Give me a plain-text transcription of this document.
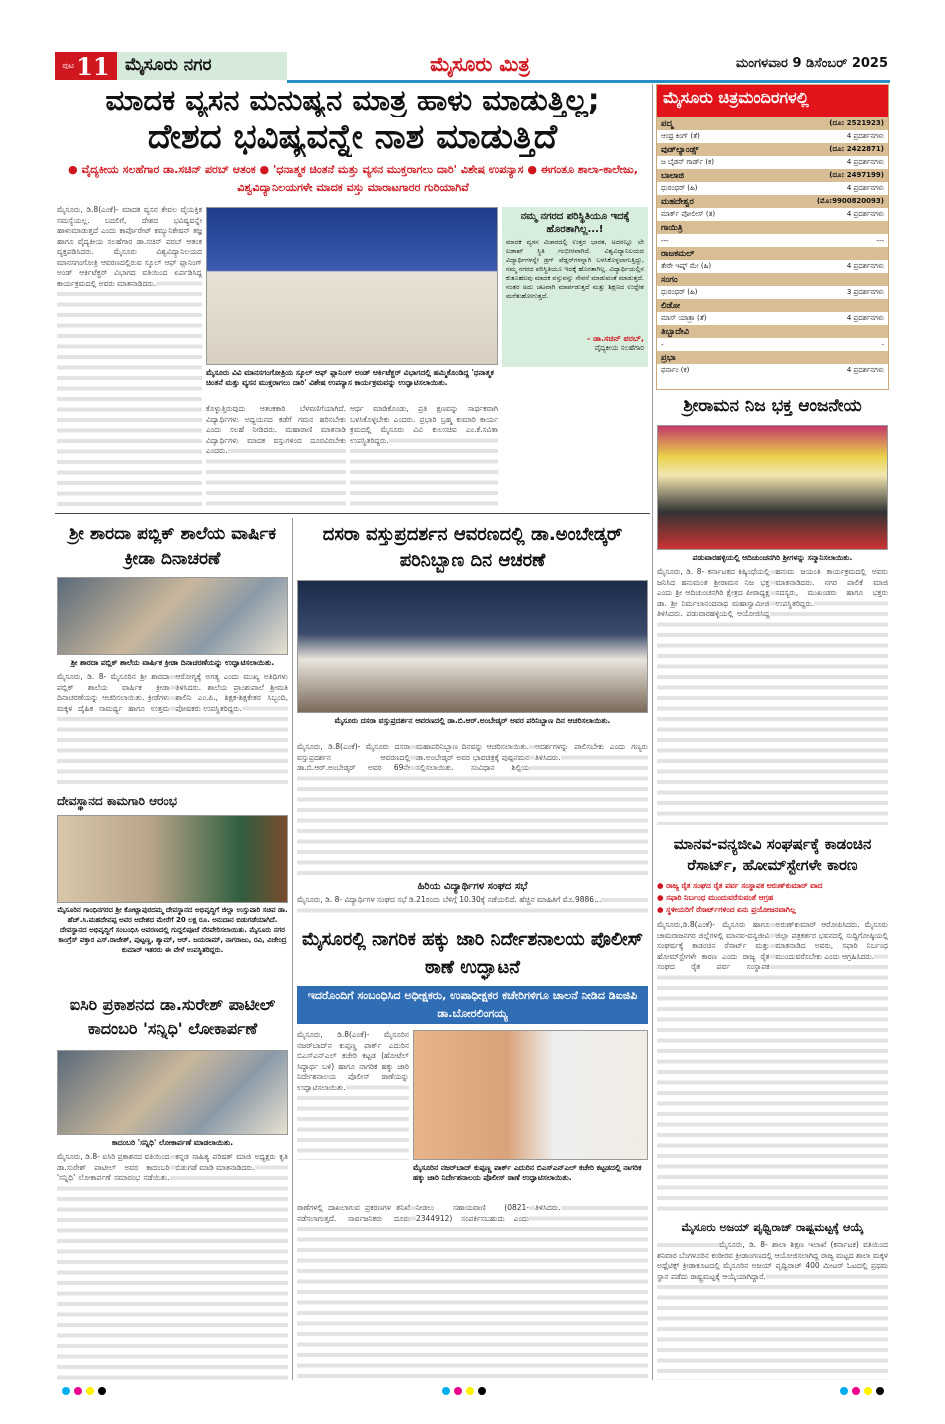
ಪುಟ 11 ಮೈಸೂರು ನಗರ	ಮೈಸೂರು ಮಿತ್ರ	ಮಂಗಳವಾರ 9 ಡಿಸೆಂಬರ್ 2025
ಮಾದಕ ವ್ಯಸನ ಮನುಷ್ಯನ ಮಾತ್ರ ಹಾಳು ಮಾಡುತ್ತಿಲ್ಲ;
ದೇಶದ ಭವಿಷ್ಯವನ್ನೇ ನಾಶ ಮಾಡುತ್ತಿದೆ
● ವೈದ್ಯಕೀಯ ಸಲಹೆಗಾರ ಡಾ.ಸಚಿನ್ ಪರಬ್ ಆತಂಕ ● 'ಧನಾತ್ಮಕ ಚಿಂತನೆ ಮತ್ತು ವ್ಯಸನ ಮುಕ್ತರಾಗಲು ದಾರಿ' ವಿಶೇಷ ಉಪನ್ಯಾಸ ● ಈಗಂತೂ ಶಾಲಾ-ಕಾಲೇಜು, ವಿಶ್ವವಿದ್ಯಾನಿಲಯಗಳೇ ಮಾದಕ ವಸ್ತು ಮಾರಾಟಗಾರರ ಗುರಿಯಾಗಿವೆ
ಮೈಸೂರು, ಡಿ.8(ಎಂಕೆ)- ಮಾದಕ ವ್ಯಸನ ಕೇವಲ ವೈಯಕ್ತಿಕ ಸಮಸ್ಯೆಯಲ್ಲ. ಬದಲಿಗೆ, ದೇಶದ ಭವಿಷ್ಯವನ್ನೇ ಹಾಳುಮಾಡುತ್ತದೆ ಎಂದು ಕಾರ್ಪೊರೇಟ್ ಕಮ್ಯುನಿಕೇಷನ್ ತಜ್ಞ ಹಾಗೂ ವೈದ್ಯಕೀಯ ಸಲಹೆಗಾರ ಡಾ.ಸಚಿನ್ ಪರಬ್ ಆತಂಕ ವ್ಯಕ್ತಪಡಿಸಿದರು. ಮೈಸೂರು ವಿಶ್ವವಿದ್ಯಾನಿಲಯದ ಮಾನಸಗಂಗೋತ್ರಿ ಆವರಣದಲ್ಲಿರುವ ಸ್ಕೂಲ್ ಆಫ್ ಪ್ಲಾನಿಂಗ್ ಅಂಡ್ ಆರ್ಕಿಟೆಕ್ಚರ್ ವಿಭಾಗದ ವತಿಯಿಂದ ಏರ್ಪಡಿಸಿದ್ದ ಕಾರ್ಯಕ್ರಮದಲ್ಲಿ ಅವರು ಮಾತನಾಡಿದರು.
ಮೈಸೂರು ವಿವಿ ಮಾನಸಗಂಗೋತ್ರಿಯ ಸ್ಕೂಲ್ ಆಫ್ ಪ್ಲಾನಿಂಗ್ ಅಂಡ್ ಆರ್ಕಿಟೆಕ್ಚರ್ ವಿಭಾಗದಲ್ಲಿ ಹಮ್ಮಿಕೊಂಡಿದ್ದ 'ಧನಾತ್ಮಕ ಚಿಂತನೆ ಮತ್ತು ವ್ಯಸನ ಮುಕ್ತರಾಗಲು ದಾರಿ' ವಿಶೇಷ ಉಪನ್ಯಾಸ ಕಾರ್ಯಕ್ರಮವನ್ನು ಉದ್ಘಾಟಿಸಲಾಯಿತು.
ಕೊಳ್ಳುತ್ತಿರುವುದು ಆತಂಕಕಾರಿ ಬೆಳವಣಿಗೆಯಾಗಿದೆ. ವಿದ್ಯಾರ್ಥಿಗಳು ಅಧ್ಯಯನದ ಕಡೆಗೆ ಗಮನ ಹರಿಸಬೇಕು ಎಂದು ಸಲಹೆ ನೀಡಿದರು. ಮಹಾರಾಣಿ ಮಾತನಾಡಿ ವಿದ್ಯಾರ್ಥಿಗಳು ಮಾದಕ ವಸ್ತುಗಳಿಂದ ದೂರವಿರಬೇಕು ಎಂದರು.
ಆರ್ಥ ಮಾಡಿಕೊಂಡು, ಪ್ರತಿ ಕ್ಷಣವನ್ನು ಸಾರ್ಥಕವಾಗಿ ಬಳಸಿಕೊಳ್ಳಬೇಕು ಎಂದರು. ಪ್ರಭಾರಿ ಬ್ರಹ್ಮ ಕುಮಾರಿ ಕಾರ್ಯ ಕ್ರಮದಲ್ಲಿ ಮೈಸೂರು ವಿವಿ ಕುಲಸಚಿವ ಎಂ.ಕೆ.ಸವಿತಾ ಉಪಸ್ಥಿತರಿದ್ದರು.
ನಮ್ಮ ನಗರದ ಪರಿಸ್ಥಿತಿಯೂ ಇದಕ್ಕೆ ಹೊರತಾಗಿಲ್ಲ...!
ಮಾದಕ ವ್ಯಸನ ವಿಚಾರದಲ್ಲಿ ಉತ್ತರ ಭಾರತ, ಅದರಲ್ಲೂ ಲೇ ಲಡಾಖ್ ಸ್ಥಿತಿ ಗಂಭೀರವಾಗಿದೆ. ವಿಶ್ವವಿದ್ಯಾನಿಲಯದ ವಿದ್ಯಾರ್ಥಿಗಳನ್ನೇ ಡ್ರಗ್ ಪೆಡ್ಲರ್‌ಗಳನ್ನಾಗಿ ಬಳಸಿಕೊಳ್ಳಲಾಗುತ್ತಿದ್ದು, ನಮ್ಮ ನಗರದ ಪರಿಸ್ಥಿತಿಯೂ ಇದಕ್ಕೆ ಹೊರತಾಗಿಲ್ಲ. ವಿದ್ಯಾರ್ಥಿಯಲ್ಲಿನ ಕುತೂಹಲವು ಮಾದಕ ವಸ್ತುವನ್ನು ಸೇವನೆ ಮಾಡುವಂತೆ ಮಾಡುತ್ತದೆ. ನಂತರ ಅದು ಚಟವಾಗಿ ಮಾರ್ಪಡುತ್ತದೆ ಮತ್ತು ಶಿಕ್ಷಣದ ಉದ್ದೇಶ ಮರೆತುಹೋಗುತ್ತದೆ.
- ಡಾ.ಸಚಿನ್ ಪರಬ್,
ವೈದ್ಯಕೀಯ ಸಲಹೆಗಾರ
ಮೈಸೂರು ಚಿತ್ರಮಂದಿರಗಳಲ್ಲಿ
ಪದ್ಮ	(ದೂ: 2521923)
ಆಂಧ್ರ ಕಿಂಗ್ (ತೆ)	4 ಪ್ರದರ್ಶನಗಳು
ವುಡ್‌ಲ್ಯಾಂಡ್ಸ್	(ದೂ: 2422871)
ಜ ಬೈಡನ್ ಗಾರ್ಡ್ (ಕ)	4 ಪ್ರದರ್ಶನಗಳು
ಬಾಲಾಜಿ	(ದೂ: 2497199)
ಧುರಂಧರ್ (ಹಿ)	4 ಪ್ರದರ್ಶನಗಳು
ಮಹದೇಶ್ವರ	(ಮೊ:9900820093)
ಮಾರ್ಕ್ ಪೋಲೀಸ್ (ತ)	4 ಪ್ರದರ್ಶನಗಳು
ಗಾಯಿತ್ರಿ	
---	---
ರಾಜಕಮಲ್	
ತೇರೇ ಇಷ್ಕ್ ಮೇ (ಹಿ)	4 ಪ್ರದರ್ಶನಗಳು
ಸಂಗಂ	
ಧುರಂಧರ್ (ಹಿ)	3 ಪ್ರದರ್ಶನಗಳು
ಲಿಡೋ	
ಮಾಸ್ ಯಾತ್ರಾ (ತೆ)	4 ಪ್ರದರ್ಶನಗಳು
ತಿಬ್ಬಾದೇವಿ	
-	-
ಪ್ರಭಾ	
ಫರ್ನಾಂ (ಕ)	4 ಪ್ರದರ್ಶನಗಳು
ಶ್ರೀರಾಮನ ನಿಜ ಭಕ್ತ ಆಂಜನೇಯ
ಪಡುವಾರಹಳ್ಳಿಯಲ್ಲಿ ಆದಿಚುಂಚನಗಿರಿ ಶ್ರೀಗಳನ್ನು ಸನ್ಮಾನಿಸಲಾಯಿತು.
ಮೈಸೂರು, ಡಿ. 8- ಕರ್ನಾಟಕದ ಕಿಷ್ಕಿಂಧೆಯಲ್ಲಿ ಜನಿಸಿದ ಹನುಮಂತ ಶ್ರೀರಾಮನ ನಿಜ ಭಕ್ತ ಎಂದು ಶ್ರೀ ಆದಿಚುಂಚನಗಿರಿ ಕ್ಷೇತ್ರದ ಪೀಠಾಧ್ಯಕ್ಷ ಡಾ. ಶ್ರೀ ನಿರ್ಮಲಾನಂದನಾಥ ಮಹಾಸ್ವಾಮೀಜಿ ತಿಳಿಸಿದರು. ಪಡುವಾರಹಳ್ಳಿಯಲ್ಲಿ ಆಯೋಜಿಸಿದ್ದ ಹನುಮ ಜಯಂತಿ ಕಾರ್ಯಕ್ರಮದಲ್ಲಿ ಅವರು ಮಾತನಾಡಿದರು. ನಗರ ಪಾಲಿಕೆ ಮಾಜಿ ಸದಸ್ಯರು, ಮುಖಂಡರು ಹಾಗೂ ಭಕ್ತರು ಉಪಸ್ಥಿತರಿದ್ದರು.
ಮಾನವ-ವನ್ಯಜೀವಿ ಸಂಘರ್ಷಕ್ಕೆ ಕಾಡಂಚಿನ ರೆಸಾರ್ಟ್, ಹೋಮ್‌ಸ್ಟೇಗಳೇ ಕಾರಣ
● ರಾಜ್ಯ ರೈತ ಸಂಘದ ರೈತ ಪರ್ವ ಸಂಸ್ಥಾಪಕ ಅರುಣ್‌ಕುಮಾರ್ ವಾದ
● ಸಫಾರಿ ನಿರ್ಬಂಧ ಮುಂದುವರೆಸುವಂತೆ ಆಗ್ರಹ
● ಸ್ಥಳೀಯರಿಗೆ ರೆಸಾರ್ಟ್‌ಗಳಿಂದ ಏನು ಪ್ರಯೋಜನವಾಗಿಲ್ಲ
ಮೈಸೂರು,ಡಿ.8(ಎಂಕೆ)- ಮೈಸೂರು ಹಾಗೂ ಚಾಮರಾಜನಗರ ಜಿಲ್ಲೆಗಳಲ್ಲಿ ಮಾನವ-ವನ್ಯಜೀವಿ ಸಂಘರ್ಷಕ್ಕೆ ಕಾಡಂಚಿನ ರೆಸಾರ್ಟ್ ಮತ್ತು ಹೋಮ್‌ಸ್ಟೇಗಳೇ ಕಾರಣ ಎಂದು ರಾಜ್ಯ ರೈತ ಸಂಘದ ರೈತ ಪರ್ವ ಸಂಸ್ಥಾಪಕ ಅರುಣ್‌ಕುಮಾರ್ ಆರೋಪಿಸಿದರು. ಮೈಸೂರು ಜಿಲ್ಲಾ ಪತ್ರಕರ್ತರ ಭವನದಲ್ಲಿ ಸುದ್ದಿಗೋಷ್ಠಿಯಲ್ಲಿ ಮಾತನಾಡಿದ ಅವರು, ಸಫಾರಿ ನಿರ್ಬಂಧ ಮುಂದುವರೆಸಬೇಕು ಎಂದು ಆಗ್ರಹಿಸಿದರು.
ಮೈಸೂರು ಅಜಯ್ ಪೃಥ್ವಿರಾಜ್ ರಾಷ್ಟ್ರಮಟ್ಟಕ್ಕೆ ಆಯ್ಕೆ
ಮೈಸೂರು, ಡಿ. 8- ಶಾಲಾ ಶಿಕ್ಷಣ ಇಲಾಖೆ (ಕರ್ನಾಟಕ) ವತಿಯಿಂದ ಶನಿವಾರ ಬೆಂಗಳೂರಿನ ಕಂಠೀರವ ಕ್ರೀಡಾಂಗಣದಲ್ಲಿ ಆಯೋಜಿಸಲಾಗಿದ್ದ ರಾಜ್ಯ ಮಟ್ಟದ ಶಾಲಾ ಮಕ್ಕಳ ಅಥ್ಲೆಟಿಕ್ಸ್ ಕ್ರೀಡಾಕೂಟದಲ್ಲಿ ಮೈಸೂರಿನ ಅಜಯ್ ಪೃಥ್ವಿರಾಜ್ 400 ಮೀಟರ್ ಓಟದಲ್ಲಿ ಪ್ರಥಮ ಸ್ಥಾನ ಪಡೆದು ರಾಷ್ಟ್ರಮಟ್ಟಕ್ಕೆ ಆಯ್ಕೆಯಾಗಿದ್ದಾರೆ.
ಶ್ರೀ ಶಾರದಾ ಪಬ್ಲಿಕ್ ಶಾಲೆಯ ವಾರ್ಷಿಕ ಕ್ರೀಡಾ ದಿನಾಚರಣೆ
ಶ್ರೀ ಶಾರದಾ ಪಬ್ಲಿಕ್ ಶಾಲೆಯ ವಾರ್ಷಿಕ ಕ್ರೀಡಾ ದಿನಾಚರಣೆಯನ್ನು ಉದ್ಘಾಟಿಸಲಾಯಿತು.
ಮೈಸೂರು, ಡಿ. 8- ಮೈಸೂರಿನ ಶ್ರೀ ಶಾರದಾ ಪಬ್ಲಿಕ್ ಶಾಲೆಯ ವಾರ್ಷಿಕ ಕ್ರೀಡಾ ದಿನಾಚರಣೆಯನ್ನು ಆಚರಿಸಲಾಯಿತು. ಕ್ರೀಡೆಗಳು ಮಕ್ಕಳ ದೈಹಿಕ ಸಾಮರ್ಥ್ಯ ಹಾಗೂ ಉತ್ತಮ ಆರೋಗ್ಯಕ್ಕೆ ಅಗತ್ಯ ಎಂದು ಮುಖ್ಯ ಅತಿಥಿಗಳು ತಿಳಿಸಿದರು. ಶಾಲೆಯ ಪ್ರಾಂಶುಪಾಲೆ ಶ್ರೀಮತಿ ಶಾಲಿನಿ ಎಂ.ಪಿ., ಶಿಕ್ಷಕ-ಶಿಕ್ಷಕೇತರ ಸಿಬ್ಬಂದಿ, ಪೋಷಕರು ಉಪಸ್ಥಿತರಿದ್ದರು.
ದೇವಸ್ಥಾನದ ಕಾಮಗಾರಿ ಆರಂಭ
ಮೈಸೂರಿನ ಗಾಂಧಿನಗರದ ಶ್ರೀ ಕೋಟ್ಲಾಪುರದಮ್ಮ ದೇವಸ್ಥಾನದ ಅಭಿವೃದ್ಧಿಗೆ ಜಿಲ್ಲಾ ಉಸ್ತುವಾರಿ ಸಚಿವ ಡಾ. ಹೆಚ್.ಸಿ.ಮಹದೇವಪ್ಪ ಅವರ ಆದೇಶದ ಮೇರೆಗೆ 20 ಲಕ್ಷ ರೂ. ಅನುದಾನ ಬಿಡುಗಡೆಯಾಗಿದೆ. ದೇವಸ್ಥಾನದ ಅಭಿವೃದ್ಧಿಗೆ ಸಂಬಂಧಿಸಿ ಆವರಣದಲ್ಲಿ ಗುದ್ದಲಿಪೂಜೆ ನೆರವೇರಿಸಲಾಯಿತು. ಮೈಸೂರು ನಗರ ಕಾಂಗ್ರೆಸ್ ವಕ್ತಾರ ಎಸ್.ರಾಜೇಶ್, ಪುಟ್ಟಣ್ಣ, ಶ್ಯಾಮ್, ಆರ್. ಜಯರಾಮ್, ನಾಗರಾಜು, ರವಿ, ವಿಜೇಂದ್ರ ಕುಮಾರ್ ಇತರರು ಈ ವೇಳೆ ಉಪಸ್ಥಿತರಿದ್ದರು.
ಐಸಿರಿ ಪ್ರಕಾಶನದ ಡಾ.ಸುರೇಶ್ ಪಾಟೀಲ್ ಕಾದಂಬರಿ 'ಸನ್ನಿಧಿ' ಲೋಕಾರ್ಪಣೆ
ಕಾದಂಬರಿ 'ಸನ್ನಿಧಿ' ಲೋಕಾರ್ಪಣೆ ಮಾಡಲಾಯಿತು.
ಮೈಸೂರು, ಡಿ.8- ಐಸಿರಿ ಪ್ರಕಾಶನದ ವತಿಯಿಂದ ಡಾ.ಸುರೇಶ್ ಪಾಟೀಲ್ ಅವರ ಕಾದಂಬರಿ 'ಸನ್ನಿಧಿ' ಲೋಕಾರ್ಪಣೆ ಸಮಾರಂಭ ನಡೆಯಿತು. ಕನ್ನಡ ಸಾಹಿತ್ಯ ಪರಿಷತ್ ಮಾಜಿ ಅಧ್ಯಕ್ಷರು ಕೃತಿ ಬಿಡುಗಡೆ ಮಾಡಿ ಮಾತನಾಡಿದರು.
ದಸರಾ ವಸ್ತುಪ್ರದರ್ಶನ ಆವರಣದಲ್ಲಿ ಡಾ.ಅಂಬೇಡ್ಕರ್ ಪರಿನಿಬ್ಬಾಣ ದಿನ ಆಚರಣೆ
ಮೈಸೂರು ದಸರಾ ವಸ್ತುಪ್ರದರ್ಶನ ಆವರಣದಲ್ಲಿ ಡಾ.ಬಿ.ಆರ್.ಅಂಬೇಡ್ಕರ್ ಅವರ ಪರಿನಿಬ್ಬಾಣ ದಿನ ಆಚರಿಸಲಾಯಿತು.
ಮೈಸೂರು, ಡಿ.8(ಎಂಕೆ)- ಮೈಸೂರು ದಸರಾ ವಸ್ತುಪ್ರದರ್ಶನ ಆವರಣದಲ್ಲಿ ಡಾ.ಬಿ.ಆರ್.ಅಂಬೇಡ್ಕರ್ ಅವರ 69ನೇ ಮಹಾಪರಿನಿಬ್ಬಾಣ ದಿನವನ್ನು ಆಚರಿಸಲಾಯಿತು. ಡಾ.ಅಂಬೇಡ್ಕರ್ ಅವರ ಭಾವಚಿತ್ರಕ್ಕೆ ಪುಷ್ಪನಮನ ಸಲ್ಲಿಸಲಾಯಿತು. ಸಂವಿಧಾನ ಶಿಲ್ಪಿಯ ಆದರ್ಶಗಳನ್ನು ಪಾಲಿಸಬೇಕು ಎಂದು ಗಣ್ಯರು ತಿಳಿಸಿದರು.
ಹಿರಿಯ ವಿದ್ಯಾರ್ಥಿಗಳ ಸಂಘದ ಸಭೆ
ಮೈಸೂರು, ಡಿ. 8- ವಿದ್ಯಾರ್ಥಿಗಳ ಸಂಘದ ಸಭೆ ಡಿ.21ರಂದು ಬೆಳಿಗ್ಗೆ 10.30ಕ್ಕೆ ನಡೆಯಲಿದೆ. ಹೆಚ್ಚಿನ ಮಾಹಿತಿಗೆ ಮೊ.9886...
ಮೈಸೂರಲ್ಲಿ ನಾಗರಿಕ ಹಕ್ಕು ಜಾರಿ ನಿರ್ದೇಶನಾಲಯ ಪೊಲೀಸ್ ಠಾಣೆ ಉದ್ಘಾಟನೆ
ಇದರೊಂದಿಗೆ ಸಂಬಂಧಿಸಿದ ಅಧೀಕ್ಷಕರು, ಉಪಾಧೀಕ್ಷಕರ ಕಚೇರಿಗಳಿಗೂ ಚಾಲನೆ ನೀಡಿದ ಡಿಐಜಿಪಿ ಡಾ.ಬೋರಲಿಂಗಯ್ಯ
ಮೈಸೂರು, ಡಿ.8(ಎಂಕೆ)- ಮೈಸೂರಿನ ನಜರ್‌ಬಾದ್‌ನ ಕುಪ್ಪಣ್ಣ ಪಾರ್ಕ್ ಎದುರಿನ ಬಿಎಸ್‌ಎನ್‌ಎಲ್ ಕಚೇರಿ ಕಟ್ಟಡ (ಹೋಟೆಲ್ ಸಿದ್ದಾರ್ಥ ಬಳಿ) ಹಾಗೂ ನಾಗರಿಕ ಹಕ್ಕು ಜಾರಿ ನಿರ್ದೇಶನಾಲಯ ಪೊಲೀಸ್ ಠಾಣೆಯನ್ನು ಉದ್ಘಾಟಿಸಲಾಯಿತು.
ಮೈಸೂರಿನ ನಜರ್‌ಬಾದ್ ಕುಪ್ಪಣ್ಣ ಪಾರ್ಕ್ ಎದುರಿನ ಬಿಎಸ್‌ಎನ್‌ಎಲ್ ಕಚೇರಿ ಕಟ್ಟಡದಲ್ಲಿ ನಾಗರಿಕ ಹಕ್ಕು ಜಾರಿ ನಿರ್ದೇಶನಾಲಯ ಪೊಲೀಸ್ ಠಾಣೆ ಉದ್ಘಾಟಿಸಲಾಯಿತು.
ಠಾಣೆಗಳಲ್ಲಿ ದಾಖಲಾಗುವ ಪ್ರಕರಣಗಳ ತನಿಖೆ ನಡೆಸಲಾಗುತ್ತದೆ. ಸಾರ್ವಜನಿಕರು ದೂರು ನೀಡಲು ಸಹಾಯವಾಣಿ (0821-2344912) ಸಂಪರ್ಕಿಸಬಹುದು ಎಂದು ತಿಳಿಸಿದರು.
